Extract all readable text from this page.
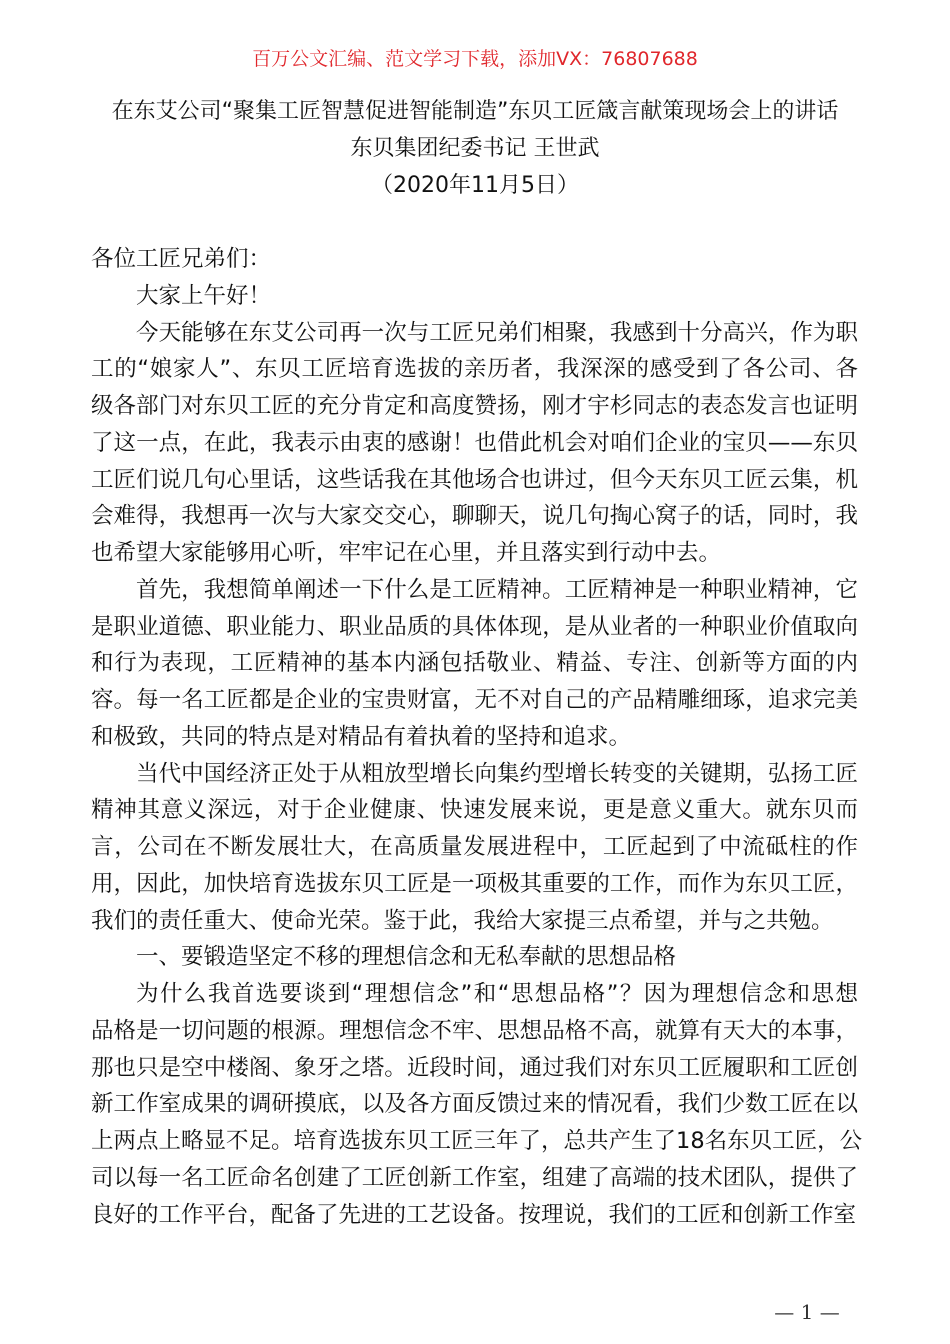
百万公文汇编、范文学习下载，添加VX：76807688
在东艾公司“聚集工匠智慧促进智能制造”东贝工匠箴言献策现场会上的讲话
东贝集团纪委书记 王世武
（2020年11月5日）
各位工匠兄弟们：
大家上午好！
今天能够在东艾公司再一次与工匠兄弟们相聚，我感到十分高兴，作为职
工的“娘家人”、东贝工匠培育选拔的亲历者，我深深的感受到了各公司、各
级各部门对东贝工匠的充分肯定和高度赞扬，刚才宇杉同志的表态发言也证明
了这一点，在此，我表示由衷的感谢！也借此机会对咱们企业的宝贝——东贝
工匠们说几句心里话，这些话我在其他场合也讲过，但今天东贝工匠云集，机
会难得，我想再一次与大家交交心，聊聊天，说几句掏心窝子的话，同时，我
也希望大家能够用心听，牢牢记在心里，并且落实到行动中去。
首先，我想简单阐述一下什么是工匠精神。工匠精神是一种职业精神，它
是职业道德、职业能力、职业品质的具体体现，是从业者的一种职业价值取向
和行为表现，工匠精神的基本内涵包括敬业、精益、专注、创新等方面的内
容。每一名工匠都是企业的宝贵财富，无不对自己的产品精雕细琢，追求完美
和极致，共同的特点是对精品有着执着的坚持和追求。
当代中国经济正处于从粗放型增长向集约型增长转变的关键期，弘扬工匠
精神其意义深远，对于企业健康、快速发展来说，更是意义重大。就东贝而
言，公司在不断发展壮大，在高质量发展进程中，工匠起到了中流砥柱的作
用，因此，加快培育选拔东贝工匠是一项极其重要的工作，而作为东贝工匠，
我们的责任重大、使命光荣。鉴于此，我给大家提三点希望，并与之共勉。
一、要锻造坚定不移的理想信念和无私奉献的思想品格
为什么我首选要谈到“理想信念”和“思想品格”？因为理想信念和思想
品格是一切问题的根源。理想信念不牢、思想品格不高，就算有天大的本事，
那也只是空中楼阁、象牙之塔。近段时间，通过我们对东贝工匠履职和工匠创
新工作室成果的调研摸底，以及各方面反馈过来的情况看，我们少数工匠在以
上两点上略显不足。培育选拔东贝工匠三年了，总共产生了18名东贝工匠，公
司以每一名工匠命名创建了工匠创新工作室，组建了高端的技术团队，提供了
良好的工作平台，配备了先进的工艺设备。按理说，我们的工匠和创新工作室
— 1 —
